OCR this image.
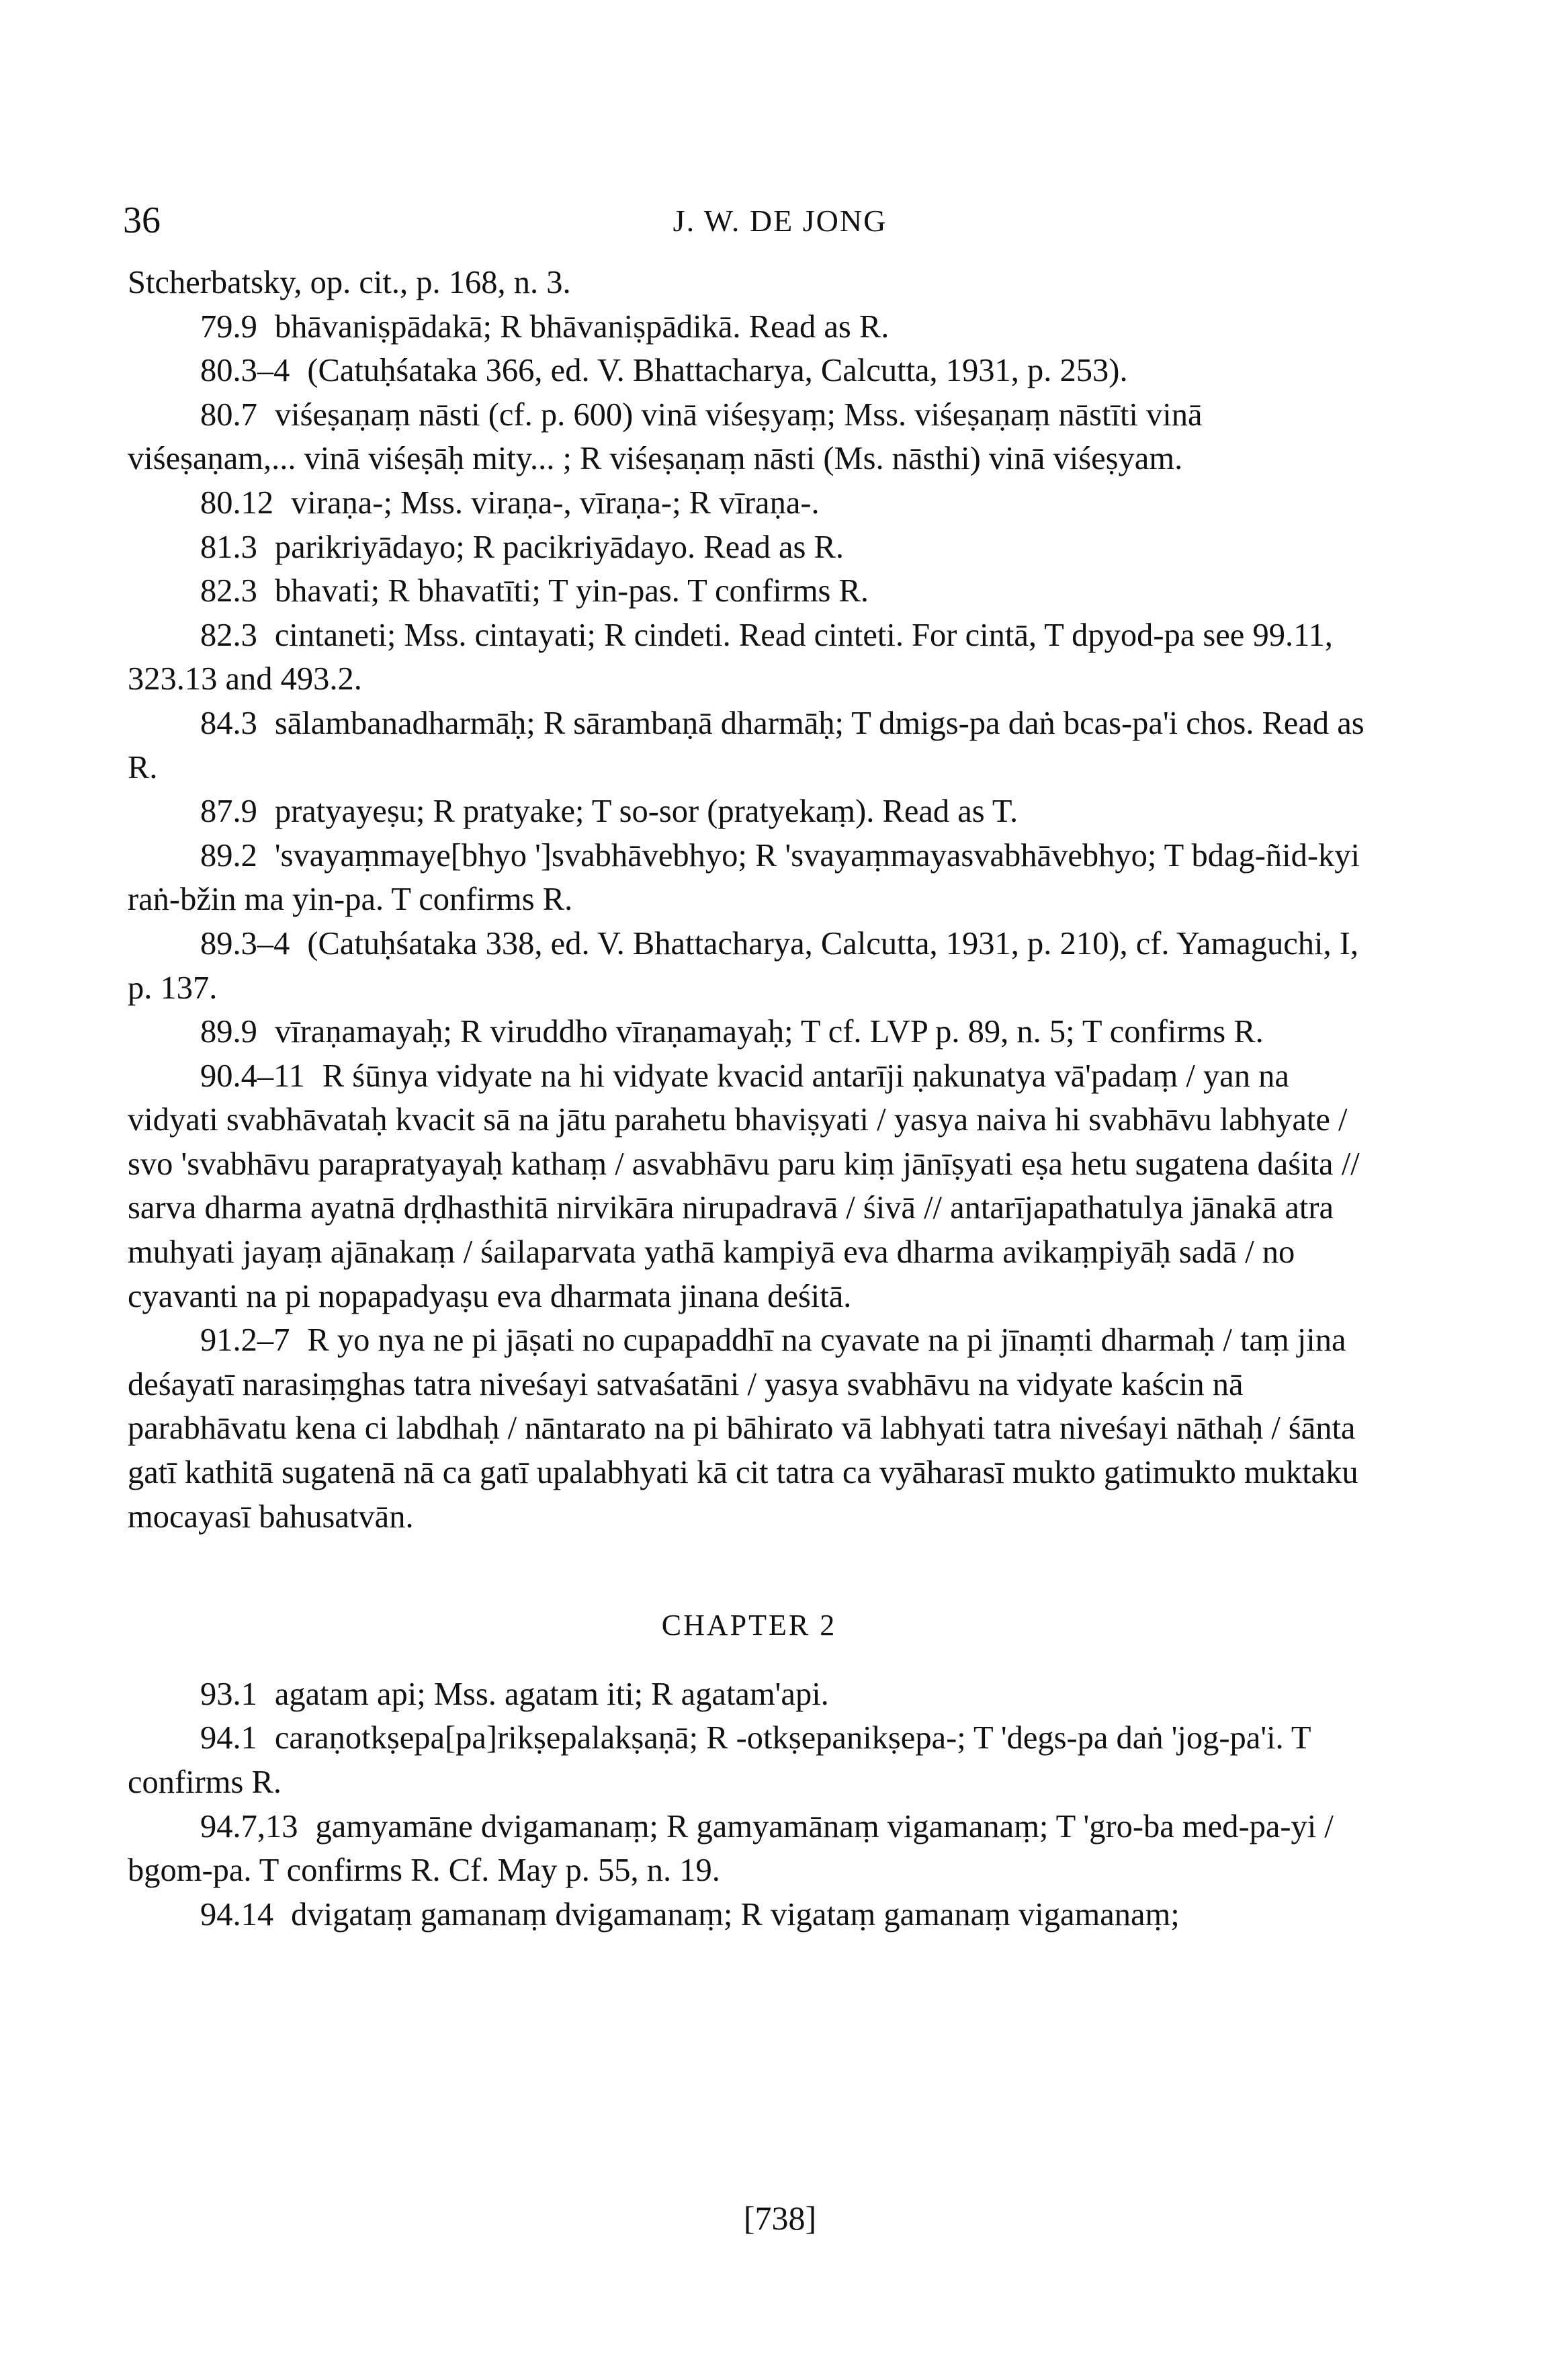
36	J. W. DE JONG

Stcherbatsky, op. cit., p. 168, n. 3.

79.9 bhāvaniṣpādakā; R bhāvaniṣpādikā. Read as R.

80.3–4 (Catuḥśataka 366, ed. V. Bhattacharya, Calcutta, 1931, p. 253).

80.7 viśeṣaṇaṃ nāsti (cf. p. 600) vinā viśeṣyaṃ; Mss. viśeṣaṇaṃ nāstīti vinā viśeṣaṇam,... vinā viśeṣāḥ mity... ; R viśeṣaṇaṃ nāsti (Ms. nāsthi) vinā viśeṣyam.

80.12 viraṇa-; Mss. viraṇa-, vīraṇa-; R vīraṇa-.

81.3 parikriyādayo; R pacikriyādayo. Read as R.

82.3 bhavati; R bhavatīti; T yin-pas. T confirms R.

82.3 cintaneti; Mss. cintayati; R cindeti. Read cinteti. For cintā, T dpyod-pa see 99.11, 323.13 and 493.2.

84.3 sālambanadharmāḥ; R sārambaṇā dharmāḥ; T dmigs-pa daṅ bcas-pa'i chos. Read as R.

87.9 pratyayeṣu; R pratyake; T so-sor (pratyekaṃ). Read as T.

89.2 'svayaṃmaye[bhyo ']svabhāvebhyo; R 'svayaṃmayasvabhāvebhyo; T bdag-ñid-kyi raṅ-bžin ma yin-pa. T confirms R.

89.3–4 (Catuḥśataka 338, ed. V. Bhattacharya, Calcutta, 1931, p. 210), cf. Yamaguchi, I, p. 137.

89.9 vīraṇamayaḥ; R viruddho vīraṇamayaḥ; T cf. LVP p. 89, n. 5; T confirms R.

90.4–11 R śūnya vidyate na hi vidyate kvacid antarīji ṇakunatya vā'padaṃ / yan na vidyati svabhāvataḥ kvacit sā na jātu parahetu bhaviṣyati / yasya naiva hi svabhāvu labhyate / svo 'svabhāvu parapratyayaḥ kathaṃ / asvabhāvu paru kiṃ jānīṣyati eṣa hetu sugatena daśita // sarva dharma ayatnā dṛḍhasthitā nirvikāra nirupadravā / śivā // antarījapathatulya jānakā atra muhyati jayaṃ ajānakaṃ / śailaparvata yathā kampiyā eva dharma avikaṃpiyāḥ sadā / no cyavanti na pi nopapadyaṣu eva dharmata jinana deśitā.

91.2–7 R yo nya ne pi jāṣati no cupapaddhī na cyavate na pi jīnaṃti dharmaḥ / taṃ jina deśayatī narasiṃghas tatra niveśayi satvaśatāni / yasya svabhāvu na vidyate kaścin nā parabhāvatu kena ci labdhaḥ / nāntarato na pi bāhirato vā labhyati tatra niveśayi nāthaḥ / śānta gatī kathitā sugatenā nā ca gatī upalabhyati kā cit tatra ca vyāharasī mukto gatimukto muktaku mocayasī bahusatvān.

CHAPTER 2

93.1 agatam api; Mss. agatam iti; R agatam'api.

94.1 caraṇotkṣepa[pa]rikṣepalakṣaṇā; R -otkṣepanikṣepa-; T 'degs-pa daṅ 'jog-pa'i. T confirms R.

94.7,13 gamyamāne dvigamanaṃ; R gamyamānaṃ vigamanaṃ; T 'gro-ba med-pa-yi / bgom-pa. T confirms R. Cf. May p. 55, n. 19.

94.14 dvigataṃ gamanaṃ dvigamanaṃ; R vigataṃ gamanaṃ vigamanaṃ;

[738]
